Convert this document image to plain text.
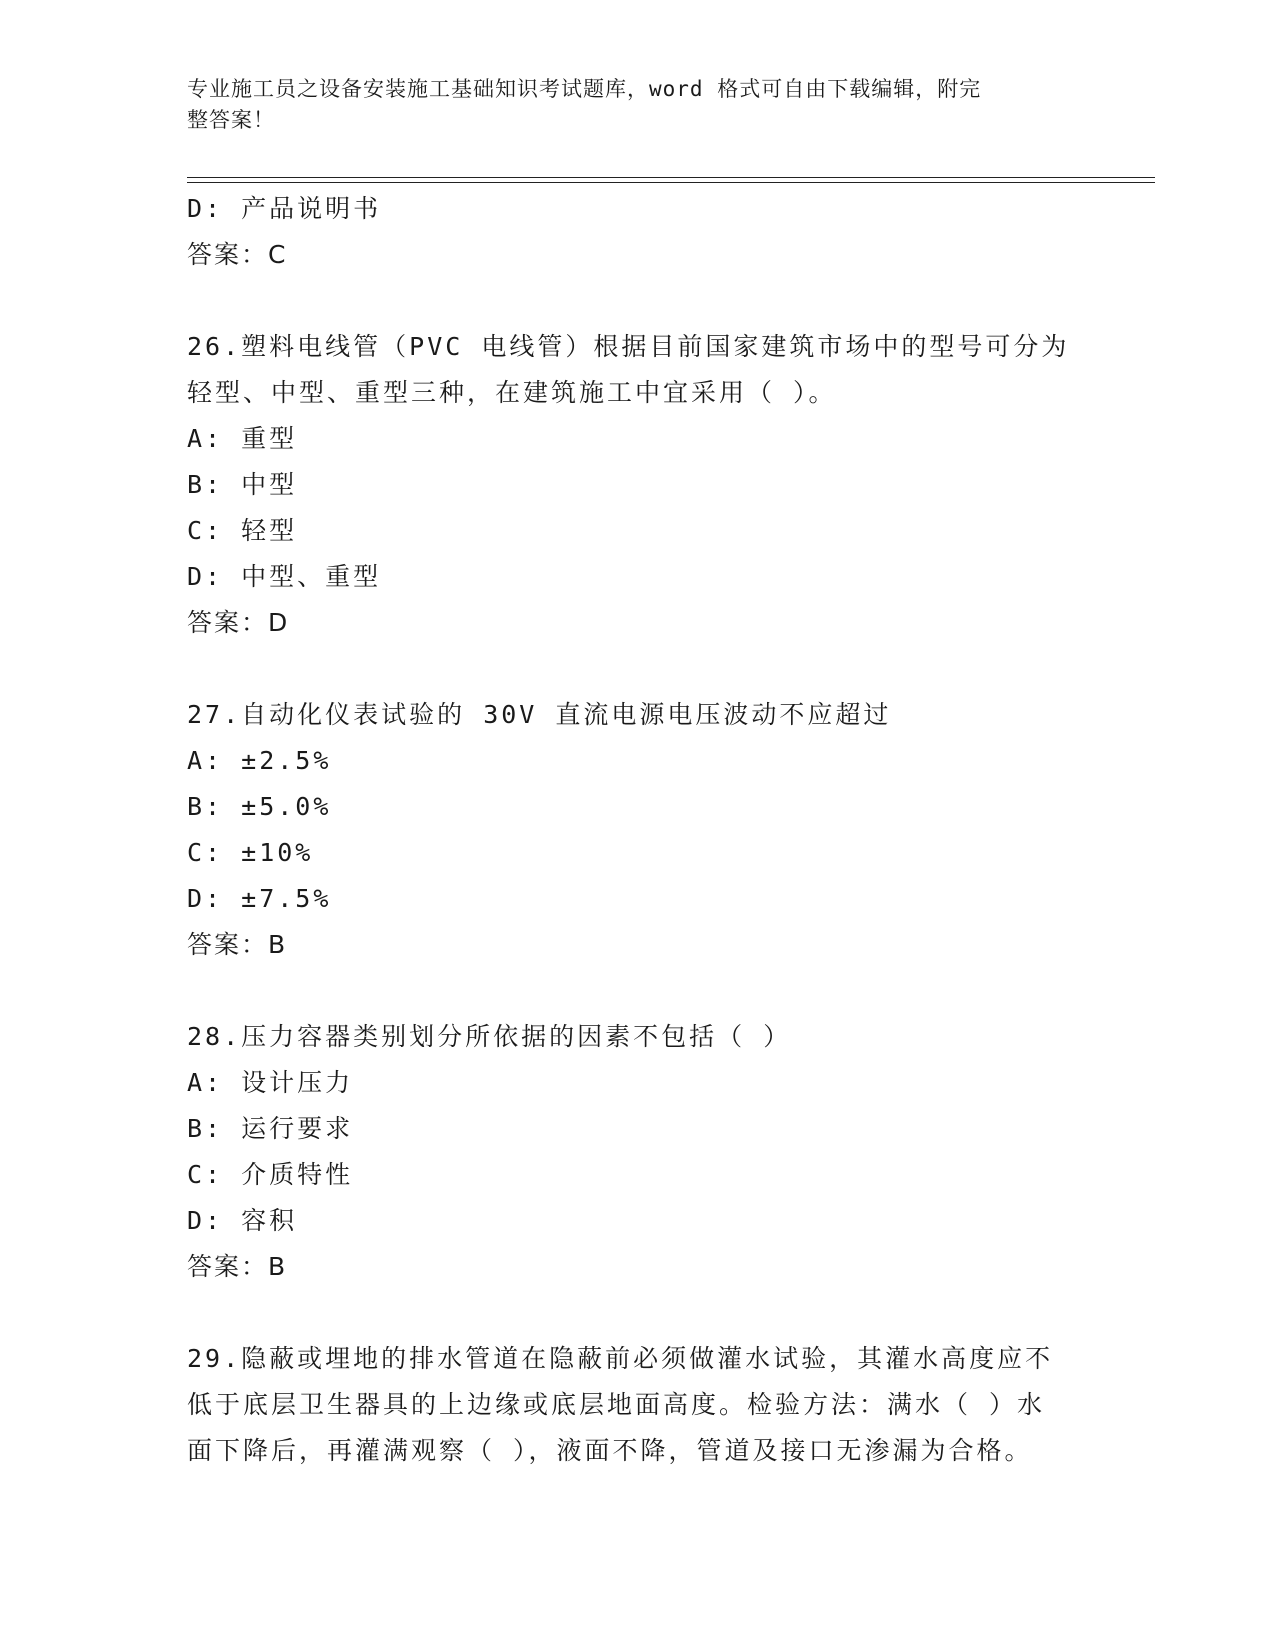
专业施工员之设备安装施工基础知识考试题库，word 格式可自由下载编辑，附完
整答案！
D: 产品说明书
答案：C
26.塑料电线管（PVC 电线管）根据目前国家建筑市场中的型号可分为
轻型、中型、重型三种，在建筑施工中宜采用（ ）。
A: 重型
B: 中型
C: 轻型
D: 中型、重型
答案：D
27.自动化仪表试验的 30V 直流电源电压波动不应超过
A: ±2.5%
B: ±5.0%
C: ±10%
D: ±7.5%
答案：B
28.压力容器类别划分所依据的因素不包括（ ）
A: 设计压力
B: 运行要求
C: 介质特性
D: 容积
答案：B
29.隐蔽或埋地的排水管道在隐蔽前必须做灌水试验，其灌水高度应不
低于底层卫生器具的上边缘或底层地面高度。检验方法：满水（ ）水
面下降后，再灌满观察（ ），液面不降，管道及接口无渗漏为合格。
